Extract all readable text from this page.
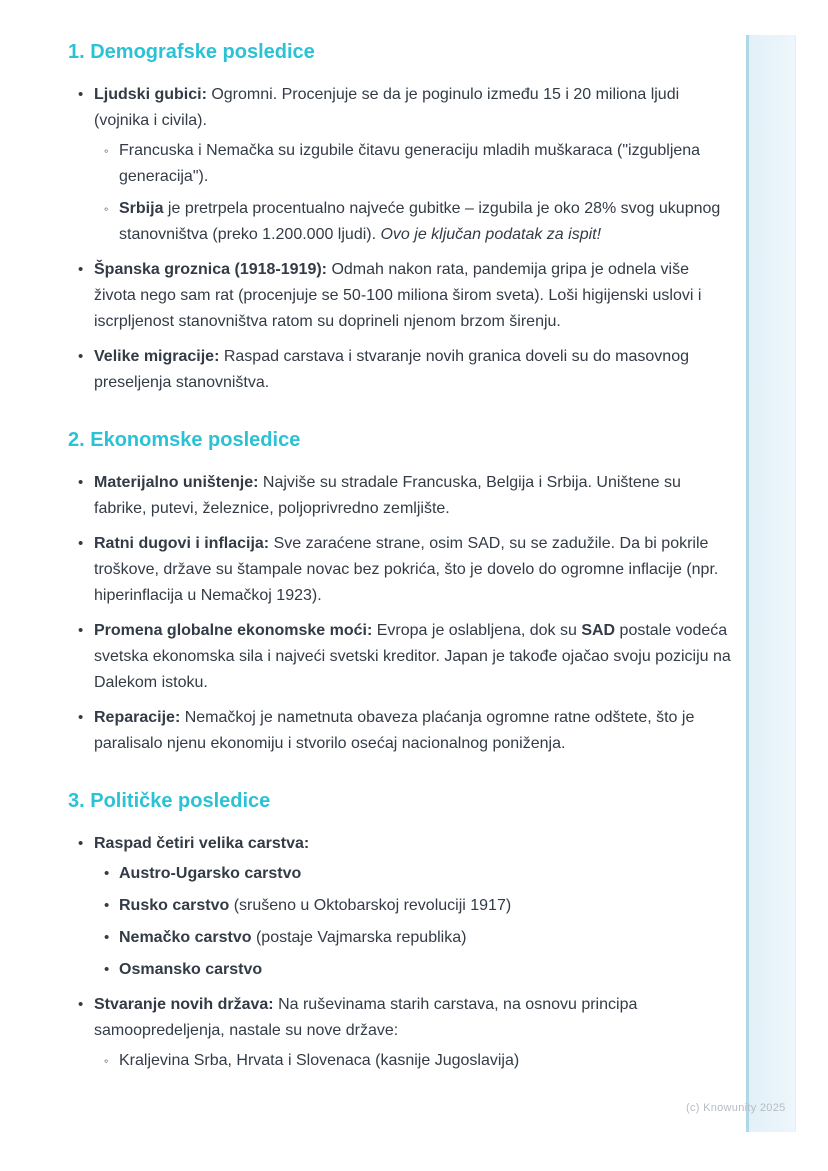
(c) Knowunity 2025
1. Demografske posledice
• Ljudski gubici: Ogromni. Procenjuje se da je poginulo između 15 i 20 miliona ljudi (vojnika i civila).
◦ Francuska i Nemačka su izgubile čitavu generaciju mladih muškaraca ("izgubljena generacija").
◦ Srbija je pretrpela procentualno najveće gubitke – izgubila je oko 28% svog ukupnog stanovništva (preko 1.200.000 ljudi). Ovo je ključan podatak za ispit!
• Španska groznica (1918-1919): Odmah nakon rata, pandemija gripa je odnela više života nego sam rat (procenjuje se 50-100 miliona širom sveta). Loši higijenski uslovi i iscrpljenost stanovništva ratom su doprineli njenom brzom širenju.
• Velike migracije: Raspad carstava i stvaranje novih granica doveli su do masovnog preseljenja stanovništva.
2. Ekonomske posledice
• Materijalno uništenje: Najviše su stradale Francuska, Belgija i Srbija. Uništene su fabrike, putevi, železnice, poljoprivredno zemljište.
• Ratni dugovi i inflacija: Sve zaraćene strane, osim SAD, su se zadužile. Da bi pokrile troškove, države su štampale novac bez pokrića, što je dovelo do ogromne inflacije (npr. hiperinflacija u Nemačkoj 1923).
• Promena globalne ekonomske moći: Evropa je oslabljena, dok su SAD postale vodeća svetska ekonomska sila i najveći svetski kreditor. Japan je takođe ojačao svoju poziciju na Dalekom istoku.
• Reparacije: Nemačkoj je nametnuta obaveza plaćanja ogromne ratne odštete, što je paralisalo njenu ekonomiju i stvorilo osećaj nacionalnog poniženja.
3. Političke posledice
• Raspad četiri velika carstva:
• Austro-Ugarsko carstvo
• Rusko carstvo (srušeno u Oktobarskoj revoluciji 1917)
• Nemačko carstvo (postaje Vajmarska republika)
• Osmansko carstvo
• Stvaranje novih država: Na ruševinama starih carstava, na osnovu principa samoopredeljenja, nastale su nove države:
◦ Kraljevina Srba, Hrvata i Slovenaca (kasnije Jugoslavija)
